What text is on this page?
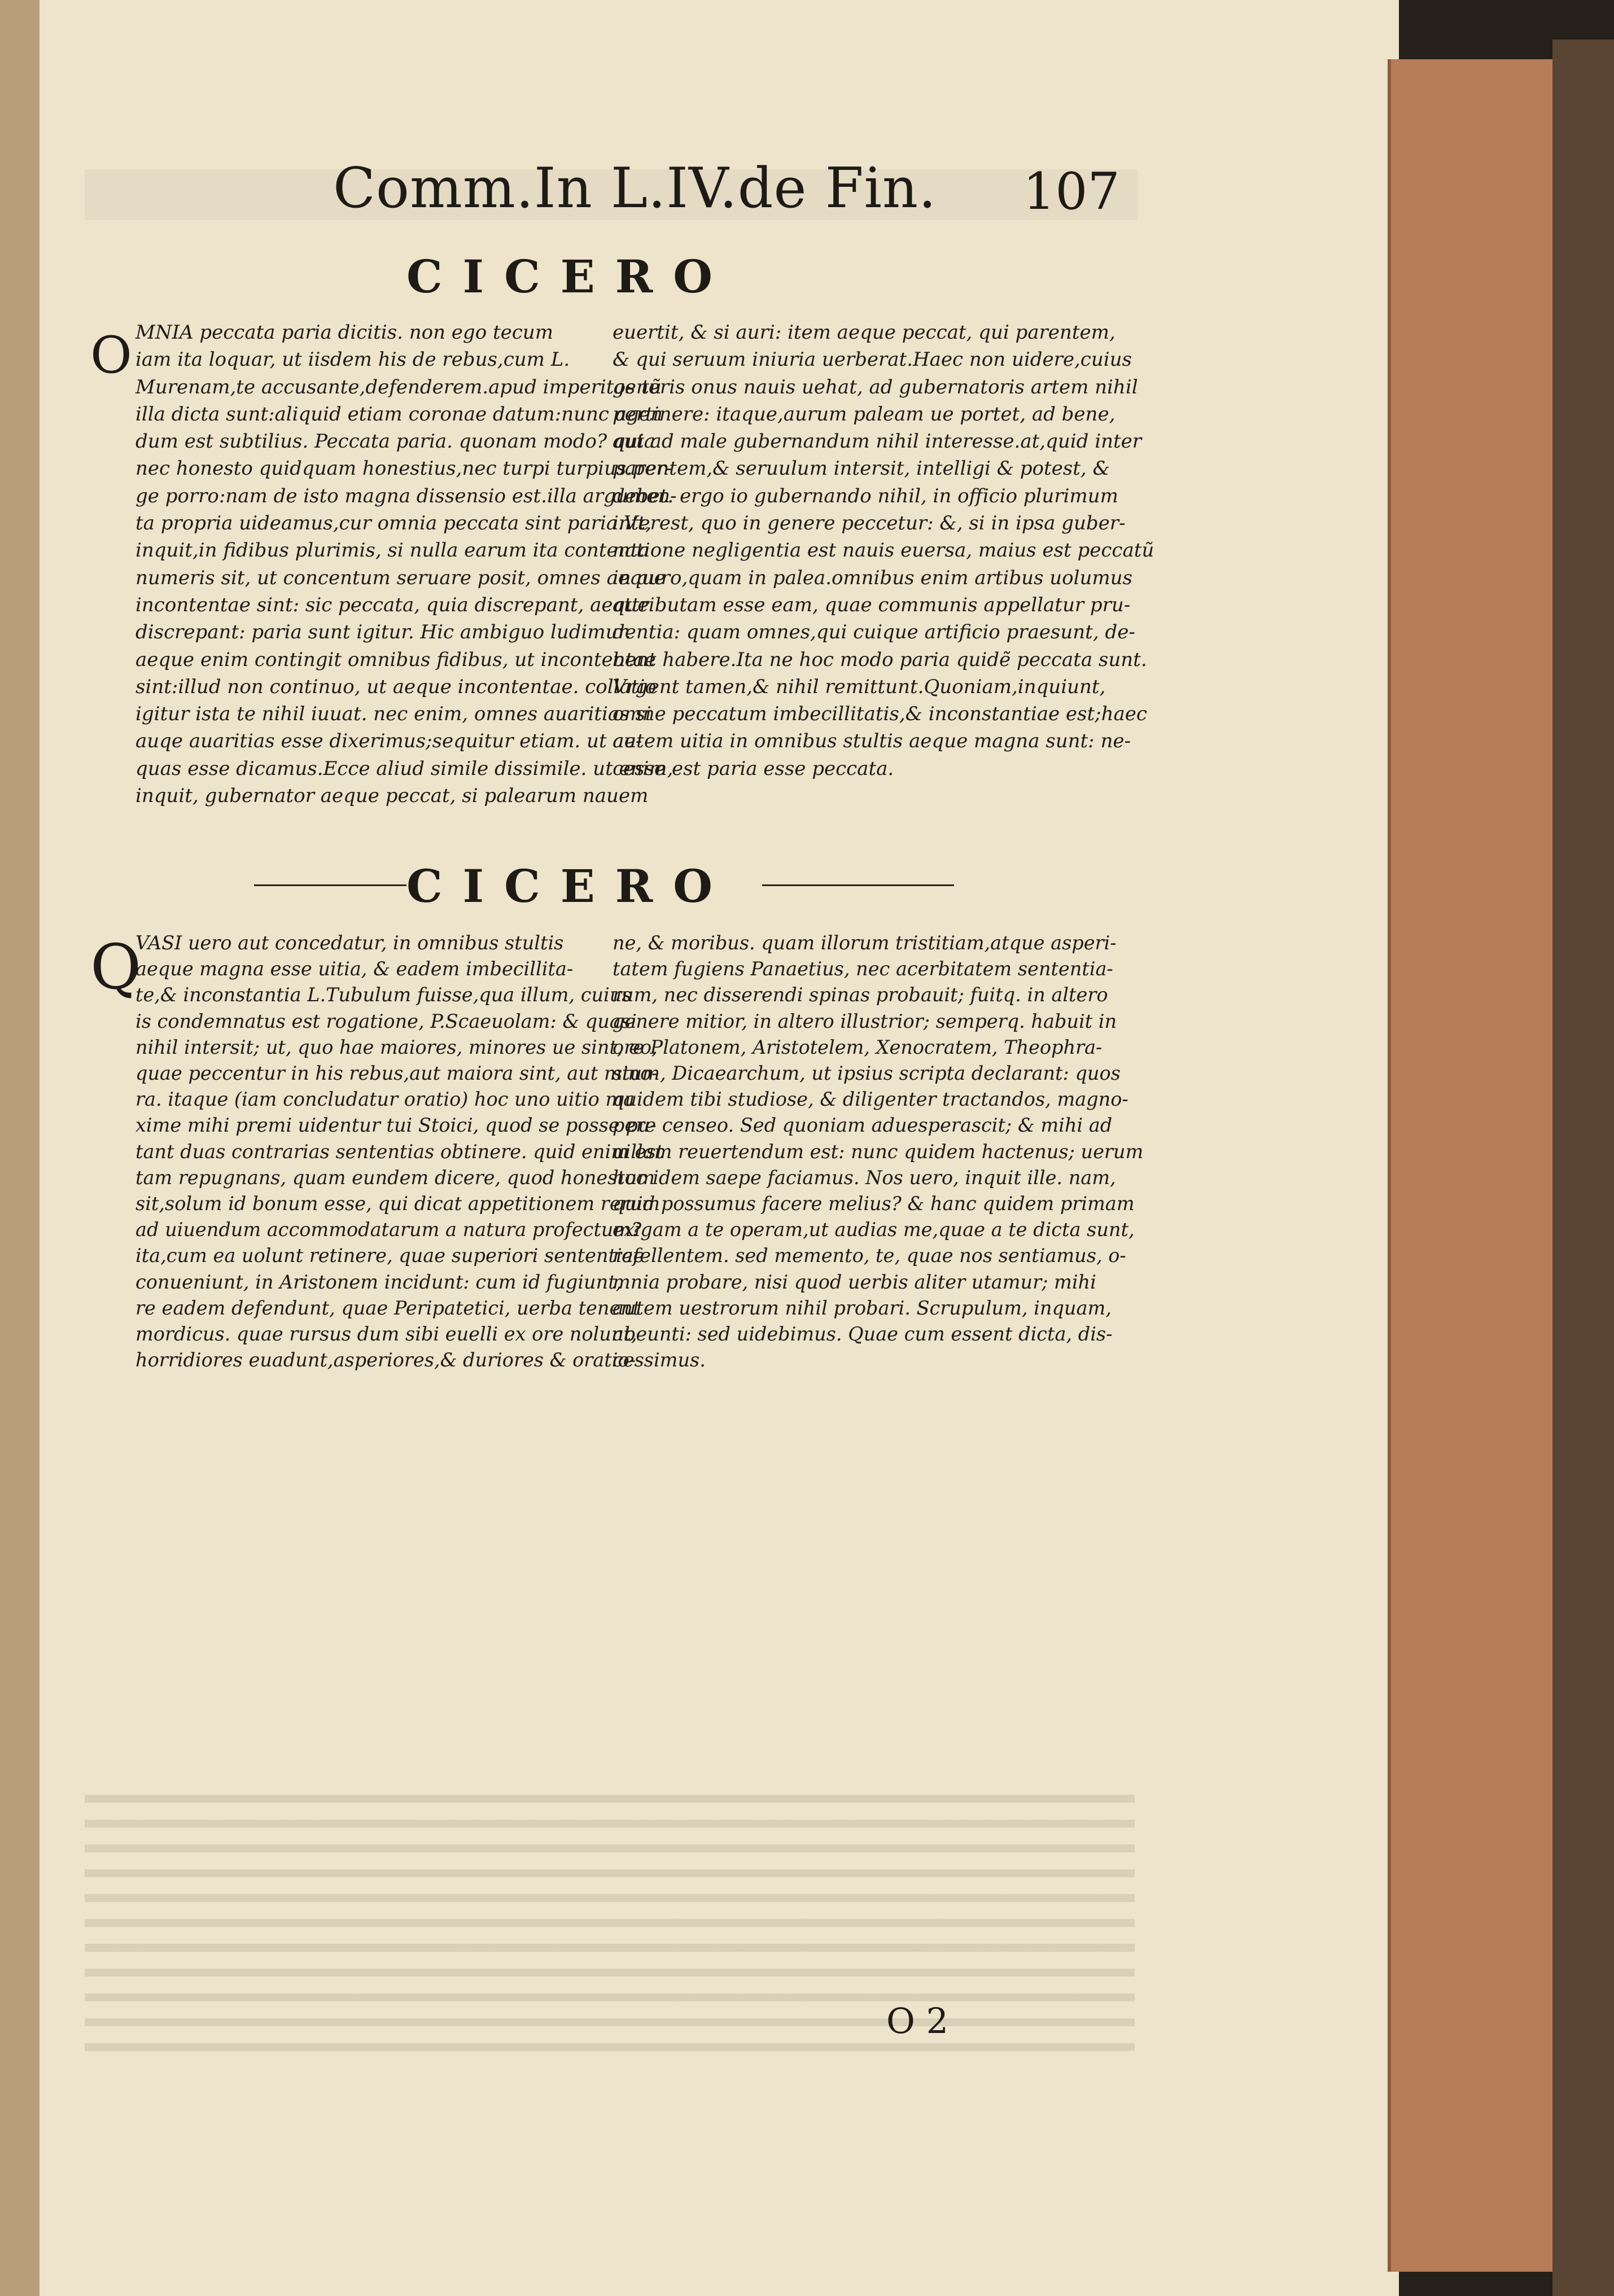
Comm.In L.IV.de Fin. 107
CICERO
O MNIA peccata paria dicitis. non ego tecum

iam ita loquar, ut iisdem his de rebus,cum L.

Murenam,te accusante,defenderem.apud imperitos tũ

illa dicta sunt:aliquid etiam coronae datum:nunc agen

dum est subtilius. Peccata paria. quonam modo? quia

nec honesto quidquam honestius,nec turpi turpius.per-

ge porro:nam de isto magna dissensio est.illa argumen-

ta propria uideamus,cur omnia peccata sint paria.Vt,

inquit,in fidibus plurimis, si nulla earum ita contenta

numeris sit, ut concentum seruare posit, omnes aeque

incontentae sint: sic peccata, quia discrepant, aeque

discrepant: paria sunt igitur. Hic ambiguo ludimur.

aeque enim contingit omnibus fidibus, ut incontentae

sint:illud non continuo, ut aeque incontentae. collatio

igitur ista te nihil iuuat. nec enim, omnes auaritias si

auqe auaritias esse dixerimus;sequitur etiam. ut ae-

quas esse dicamus.Ecce aliud simile dissimile. ut enim,

inquit, gubernator aeque peccat, si palearum nauem

euertit, & si auri: item aeque peccat, qui parentem,

& qui seruum iniuria uerberat.Haec non uidere,cuius

generis onus nauis uehat, ad gubernatoris artem nihil

pertinere: itaque,aurum paleam ue portet, ad bene,

aut ad male gubernandum nihil interesse.at,quid inter

parentem,& seruulum intersit, intelligi & potest, &

debet. ergo io gubernando nihil, in officio plurimum

interest, quo in genere peccetur: &, si in ipsa guber-

natione negligentia est nauis euersa, maius est peccatũ

in auro,quam in palea.omnibus enim artibus uolumus

attributam esse eam, quae communis appellatur pru-

dentia: quam omnes,qui cuique artificio praesunt, de-

bent habere.Ita ne hoc modo paria quidẽ peccata sunt.

Vrgent tamen,& nihil remittunt.Quoniam,inquiunt,

omne peccatum imbecillitatis,& inconstantiae est;haec

autem uitia in omnibus stultis aeque magna sunt: ne-

cesse est paria esse peccata.

CICERO
Q

VASI uero aut concedatur, in omnibus stultis

aeque magna esse uitia, & eadem imbecillita-

te,& inconstantia L.Tubulum fuisse,qua illum, cuius

is condemnatus est rogatione, P.Scaeuolam: & quasi

nihil intersit; ut, quo hae maiores, minores ue sint, eo,

quae peccentur in his rebus,aut maiora sint, aut mino-

ra. itaque (iam concludatur oratio) hoc uno uitio ma

xime mihi premi uidentur tui Stoici, quod se posse pu-

tant duas contrarias sententias obtinere. quid enim est

tam repugnans, quam eundem dicere, quod honestum

sit,solum id bonum esse, qui dicat appetitionem rerum

ad uiuendum accommodatarum a natura profectum?

ita,cum ea uolunt retinere, quae superiori sententiae

conueniunt, in Aristonem incidunt: cum id fugiunt,

re eadem defendunt, quae Peripatetici, uerba tenent

mordicus. quae rursus dum sibi euelli ex ore nolunt,

horridiores euadunt,asperiores,& duriores & oratio-

ne, & moribus. quam illorum tristitiam,atque asperi-

tatem fugiens Panaetius, nec acerbitatem sententia-

rum, nec disserendi spinas probauit; fuitq. in altero

genere mitior, in altero illustrior; semperq. habuit in

ore Platonem, Aristotelem, Xenocratem, Theophra-

stum, Dicaearchum, ut ipsius scripta declarant: quos

quidem tibi studiose, & diligenter tractandos, magno-

pere censeo. Sed quoniam aduesperascit; & mihi ad

uillam reuertendum est: nunc quidem hactenus; uerum

hoc idem saepe faciamus. Nos uero, inquit ille. nam,

quid possumus facere melius? & hanc quidem primam

exigam a te operam,ut audias me,quae a te dicta sunt,

refellentem. sed memento, te, quae nos sentiamus, o-

mnia probare, nisi quod uerbis aliter utamur; mihi

autem uestrorum nihil probari. Scrupulum, inquam,

abeunti: sed uidebimus. Quae cum essent dicta, dis-

cessimus.

O 2
